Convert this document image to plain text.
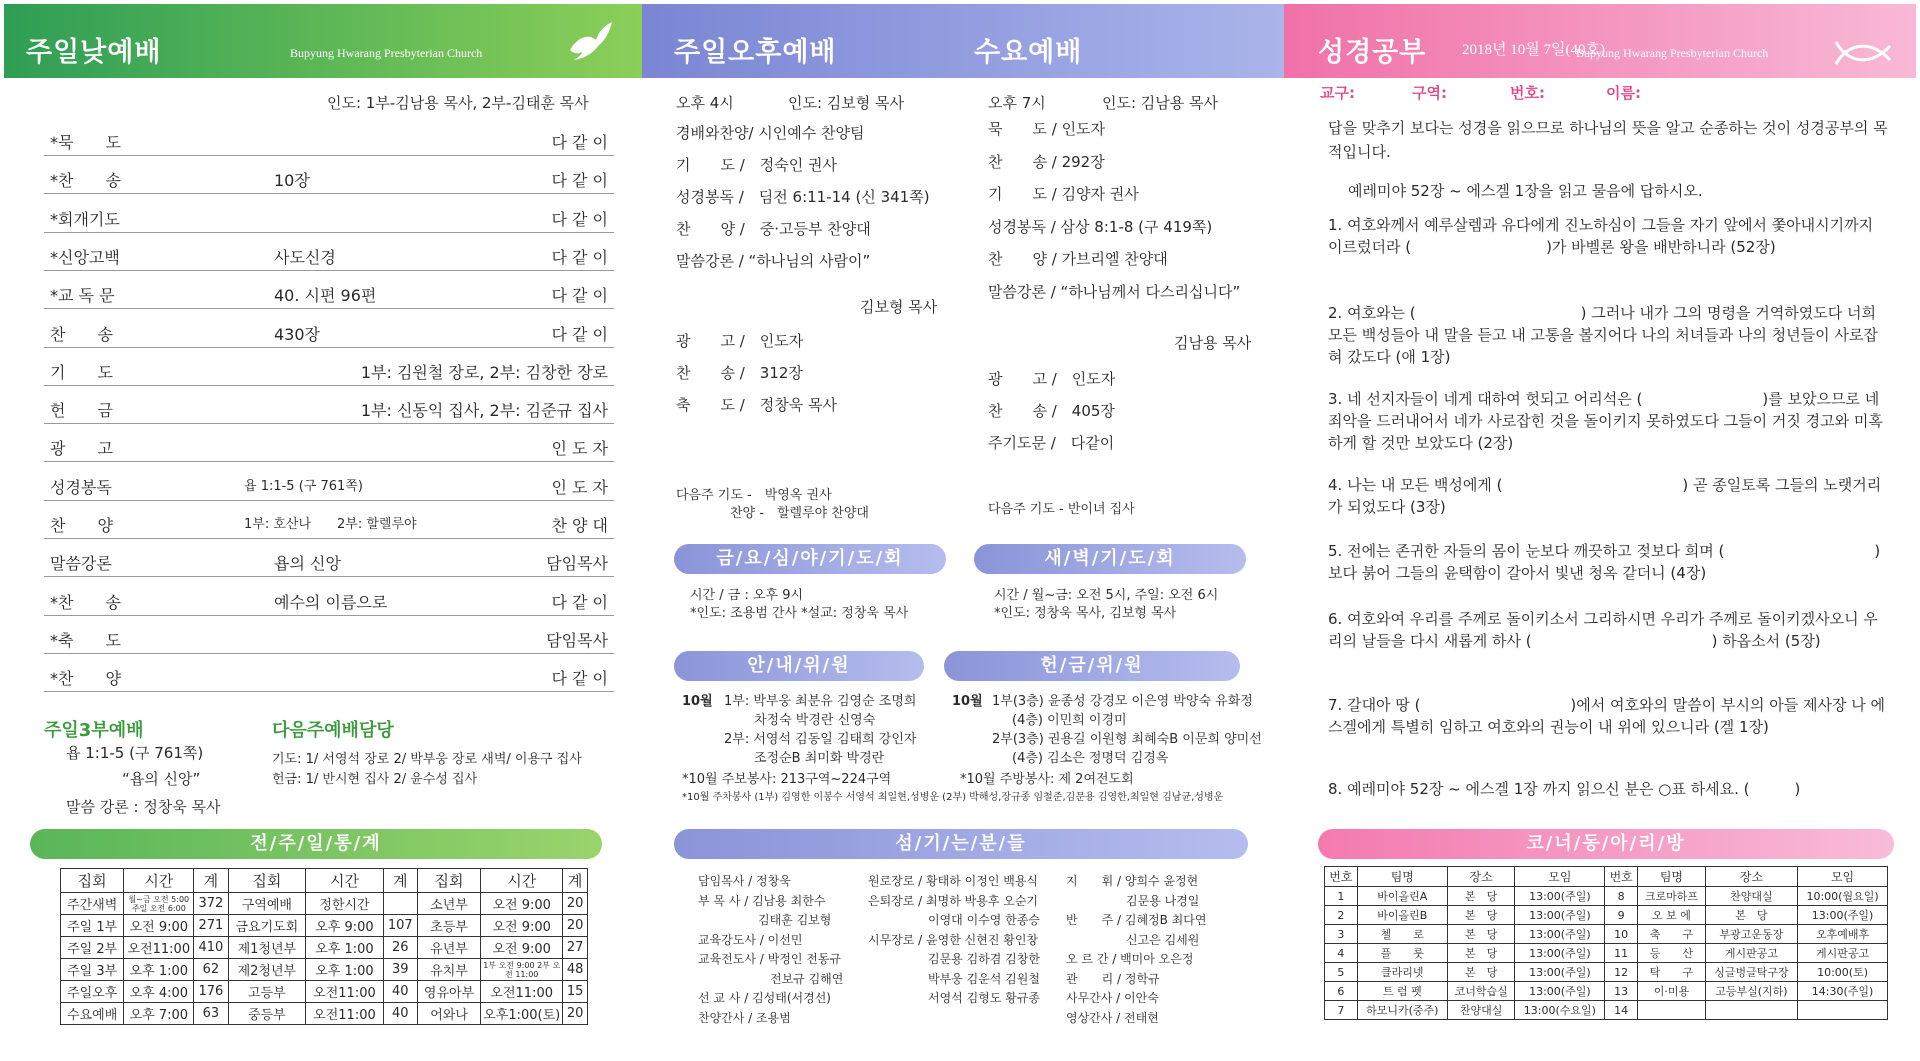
주일낮예배	Bupyung Hwarang Presbyterian Church
인도: 1부-김남용 목사, 2부-김태훈 목사
*묵　　도	다 같 이
*찬　　송	10장	다 같 이
*회개기도	다 같 이
*신앙고백	사도신경	다 같 이
*교 독 문	40. 시편 96편	다 같 이
찬　　송	430장	다 같 이
기　　도	1부: 김원철 장로, 2부: 김창한 장로
헌　　금	1부: 신동익 집사, 2부: 김준규 집사
광　　고	인 도 자
성경봉독	욥 1:1-5 (구 761쪽)	인 도 자
찬　　양	1부: 호산나　　2부: 할렐루야	찬 양 대
말씀강론	욥의 신앙	담임목사
*찬　　송	예수의 이름으로	다 같 이
*축　　도	담임목사
*찬　　양	다 같 이
주일3부예배
욥 1:1-5 (구 761쪽)
“욥의 신앙”
말씀 강론 : 정창욱 목사
다음주예배담당
기도: 1/ 서영석 장로 2/ 박부웅 장로 새벽/ 이용구 집사
헌금: 1/ 반시현 집사 2/ 윤수성 집사
전/주/일/통/계
집회	시간	계	집회	시간	계	집회	시간	계
주간새벽	월~금 오전 5:00 주일 오전 6:00	372	구역예배	정한시간		소년부	오전 9:00	20
주일 1부	오전 9:00	271	금요기도회	오후 9:00	107	초등부	오전 9:00	20
주일 2부	오전11:00	410	제1청년부	오후 1:00	26	유년부	오전 9:00	27
주일 3부	오후 1:00	62	제2청년부	오후 1:00	39	유치부	1부 오전 9:00 2부 오전 11:00	48
주일오후	오후 4:00	176	고등부	오전11:00	40	영유아부	오전11:00	15
수요예배	오후 7:00	63	중등부	오전11:00	40	어와나	오후1:00(토)	20
주일오후예배	수요예배
오후 4시	인도: 김보형 목사
경배와찬양/ 시인예수 찬양팀
기　　도 /　정숙인 권사
성경봉독 /　딤전 6:11-14 (신 341쪽)
찬　　양 /　중·고등부 찬양대
말씀강론 / “하나님의 사람이”
김보형 목사
광　　고 /　인도자
찬　　송 /　312장
축　　도 /　정창욱 목사
다음주 기도 -　박영옥 권사
찬양 -　할렐루야 찬양대
오후 7시	인도: 김남용 목사
묵　　도 / 인도자
찬　　송 / 292장
기　　도 / 김양자 권사
성경봉독 / 삼상 8:1-8 (구 419쪽)
찬　　양 / 가브리엘 찬양대
말씀강론 / “하나님께서 다스리십니다”
김남용 목사
광　　고 /　인도자
찬　　송 /　405장
주기도문 /　다같이
다음주 기도 - 반이녀 집사
금/요/심/야/기/도/회
시간 / 금 : 오후 9시
*인도: 조용범 간사 *설교: 정창욱 목사
새/벽/기/도/회
시간 / 월~금: 오전 5시, 주일: 오전 6시
*인도: 정창욱 목사, 김보형 목사
안/내/위/원
10월 1부: 박부웅 최분유 김영순 조명희
차정숙 박경란 신영숙
2부: 서영석 김동일 김태희 강인자
조정순B 최미화 박경란
*10월 주보봉사: 213구역~224구역
*10월 주차봉사 (1부) 김영한 이봉수 서영석 최일현,성병운 (2부) 박해성,장규종 임철준,김문용 김영한,최일현 김남균,성병운
헌/금/위/원
10월 1부(3층) 윤종성 강경모 이은영 박양숙 유화정
(4층) 이민희 이경미
2부(3층) 권용길 이원형 최혜숙B 이문희 양미선
(4층) 김소은 정명덕 김경옥
*10월 주방봉사: 제 2여전도회
섬/기/는/분/들
담임목사 / 정창욱
부 목 사 / 김남용 최한수
　　　　　김태훈 김보형
교육강도사 / 이선민
교육전도사 / 박정인 전동규
　　　　　　전보규 김해연
선 교 사 / 김성태(서경선)
찬양간사 / 조용범
원로장로 / 황태하 이정인 백용식
은퇴장로 / 최명하 박용후 오순기
　　　　　이영대 이수영 한종승
시무장로 / 윤영한 신현진 황인창
　　　　　김문용 김하겸 김창한
　　　　　박부웅 김운석 김원철
　　　　　서영석 김형도 황규종
지　　휘 / 양희수 윤정현
　　　　　김문용 나경일
반　　주 / 김혜정B 최다연
　　　　　신고은 김세원
오 르 간 / 백미아 오은정
관　　리 / 정학규
사무간사 / 이안숙
영상간사 / 전태현
성경공부 2018년 10월 7일(40호)
Bupyung Hwarang Presbyterian Church
교구:	구역:	번호:	이름:
답을 맞추기 보다는 성경을 읽으므로 하나님의 뜻을 알고 순종하는 것이 성경공부의 목적입니다.
예레미야 52장 ~ 에스겔 1장을 읽고 물음에 답하시오.
1. 여호와께서 예루살렘과 유다에게 진노하심이 그들을 자기 앞에서 쫓아내시기까지 이르렀더라 (　　　　　　　　　)가 바벨론 왕을 배반하니라 (52장)
2. 여호와는 (　　　　　　　　　　　) 그러나 내가 그의 명령을 거역하였도다 너희 모든 백성들아 내 말을 듣고 내 고통을 볼지어다 나의 처녀들과 나의 청년들이 사로잡혀 갔도다 (애 1장)
3. 네 선지자들이 네게 대하여 헛되고 어리석은 (　　　　　　　　)를 보았으므로 네 죄악을 드러내어서 네가 사로잡힌 것을 돌이키지 못하였도다 그들이 거짓 경고와 미혹하게 할 것만 보았도다 (2장)
4. 나는 내 모든 백성에게 (　　　　　　　　　　　　) 곧 종일토록 그들의 노랫거리가 되었도다 (3장)
5. 전에는 존귀한 자들의 몸이 눈보다 깨끗하고 젖보다 희며 (　　　　　　　　　　)보다 붉어 그들의 윤택함이 갈아서 빛낸 청옥 같더니 (4장)
6. 여호와여 우리를 주께로 돌이키소서 그리하시면 우리가 주께로 돌이키겠사오니 우리의 날들을 다시 새롭게 하사 (　　　　　　　　　　　　) 하옵소서 (5장)
7. 갈대아 땅 (　　　　　　　　　　)에서 여호와의 말씀이 부시의 아들 제사장 나 에스겔에게 특별히 임하고 여호와의 권능이 내 위에 있으니라 (겔 1장)
8. 예레미야 52장 ~ 에스겔 1장 까지 읽으신 분은 ○표 하세요. (　　　)
코/너/동/아/리/방
번호	팀명	장소	모임	번호	팀명	장소	모임
1	바이올린A	본　당	13:00(주일)	8	크로마하프	찬양대실	10:00(월요일)
2	바이올린B	본　당	13:00(주일)	9	오 보 에	본　당	13:00(주일)
3	첼　　로	본　당	13:00(주일)	10	축　　구	부광고운동장	오후예배후
4	플　　룻	본　당	13:00(주일)	11	등　　산	게시판공고	게시판공고
5	클라리넷	본　당	13:00(주일)	12	탁　　구	싱글벙글탁구장	10:00(토)
6	트 럼 펫	코너학습실	13:00(주일)	13	이·미용	고등부실(지하)	14:30(주일)
7	하모니카(중주)	찬양대실	13:00(수요일)	14			
